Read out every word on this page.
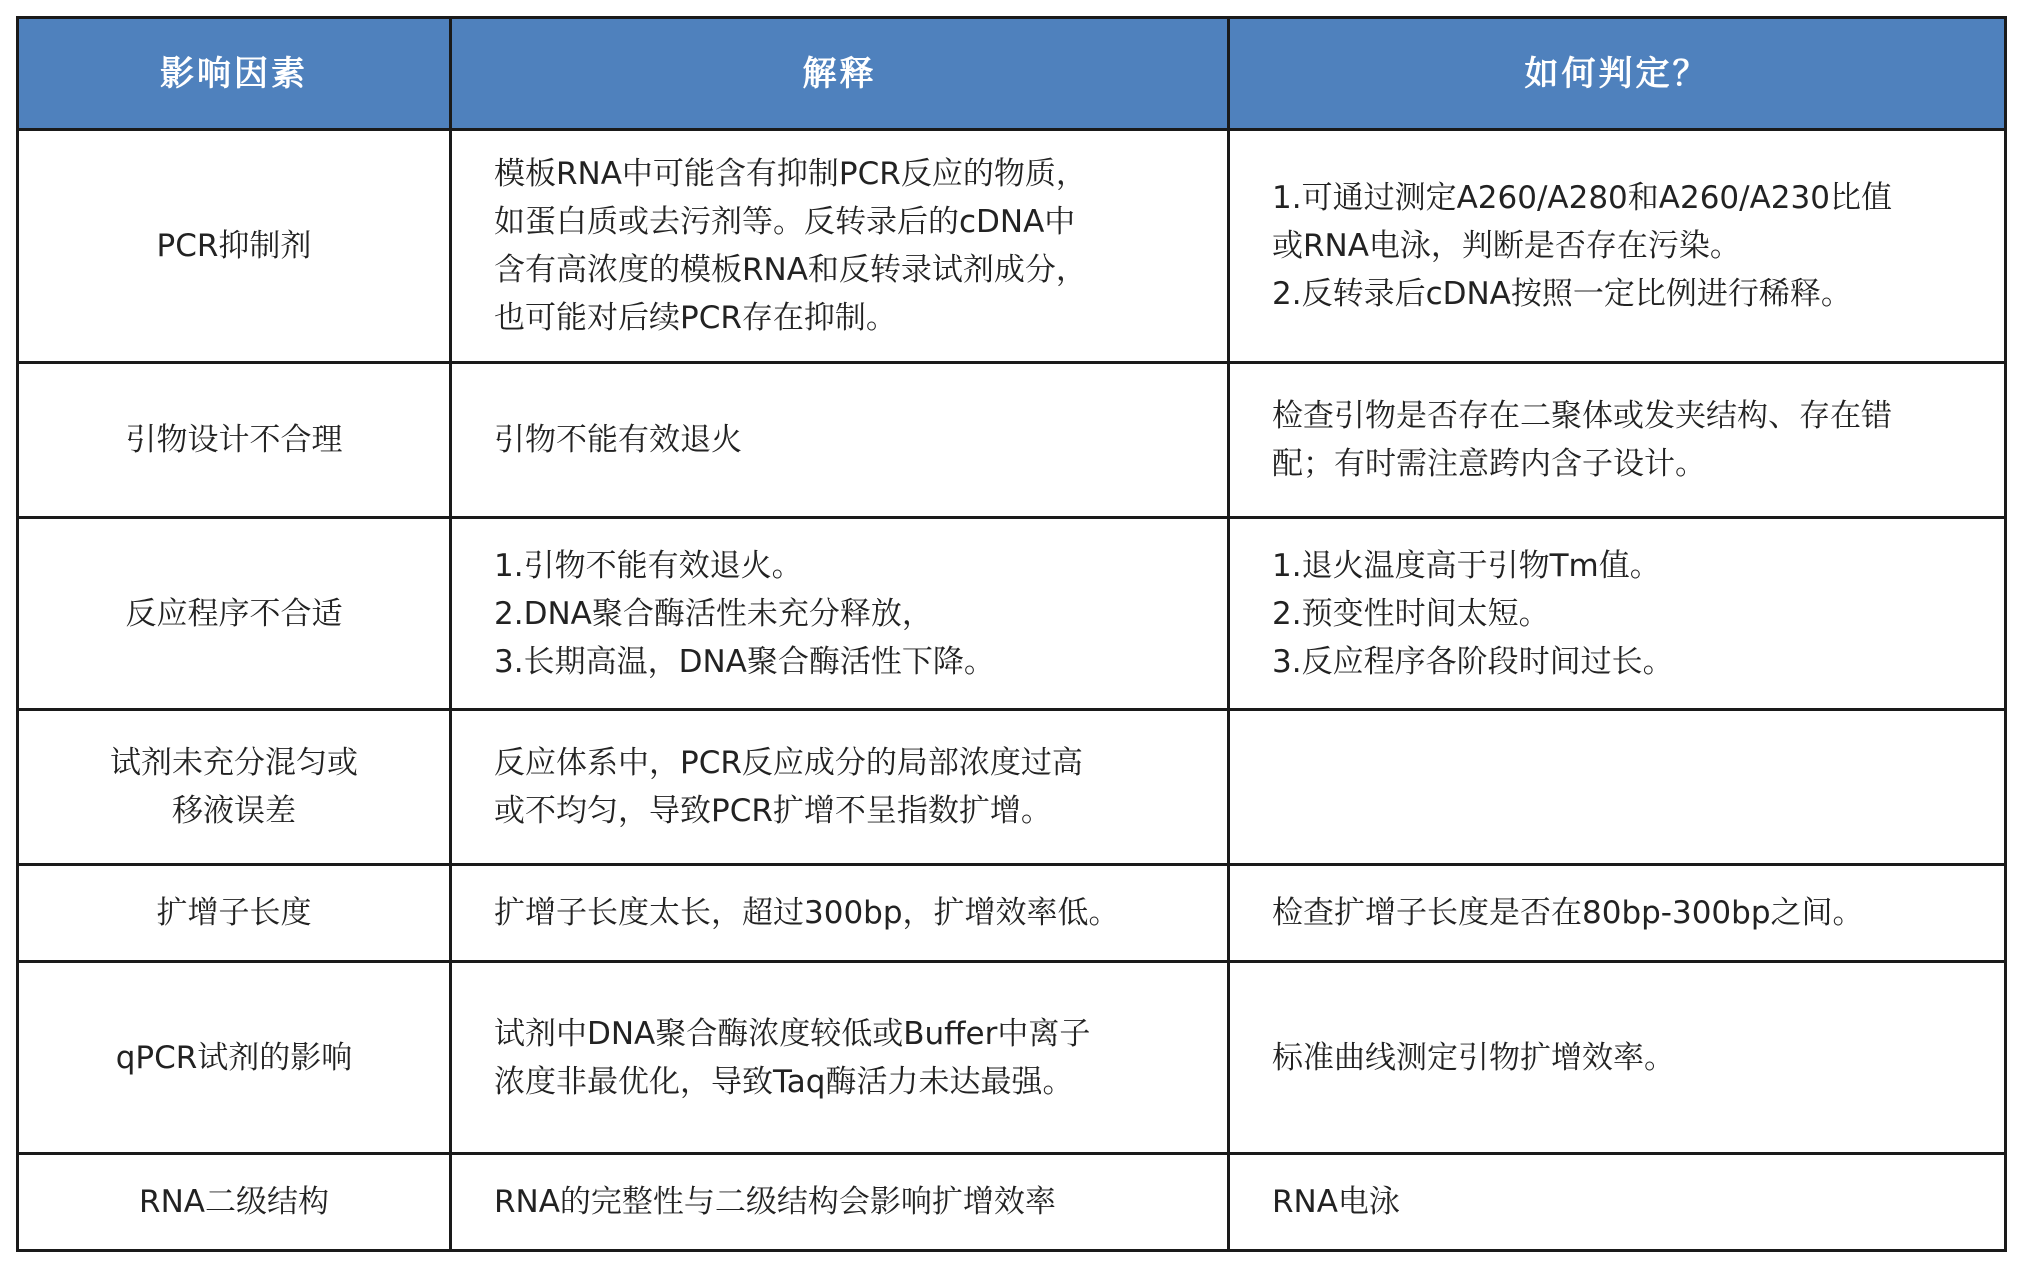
影响因素	解释	如何判定？

PCR抑制剂	模板RNA中可能含有抑制PCR反应的物质，
如蛋白质或去污剂等。反转录后的cDNA中
含有高浓度的模板RNA和反转录试剂成分，
也可能对后续PCR存在抑制。	1.可通过测定A260/A280和A260/A230比值
或RNA电泳，判断是否存在污染。
2.反转录后cDNA按照一定比例进行稀释。

引物设计不合理	引物不能有效退火	检查引物是否存在二聚体或发夹结构、存在错
配；有时需注意跨内含子设计。

反应程序不合适	1.引物不能有效退火。
2.DNA聚合酶活性未充分释放，
3.长期高温，DNA聚合酶活性下降。	1.退火温度高于引物Tm值。
2.预变性时间太短。
3.反应程序各阶段时间过长。

试剂未充分混匀或
移液误差	反应体系中，PCR反应成分的局部浓度过高
或不均匀，导致PCR扩增不呈指数扩增。	

扩增子长度	扩增子长度太长，超过300bp，扩增效率低。	检查扩增子长度是否在80bp-300bp之间。

qPCR试剂的影响	试剂中DNA聚合酶浓度较低或Buffer中离子
浓度非最优化，导致Taq酶活力未达最强。	标准曲线测定引物扩增效率。

RNA二级结构	RNA的完整性与二级结构会影响扩增效率	RNA电泳
